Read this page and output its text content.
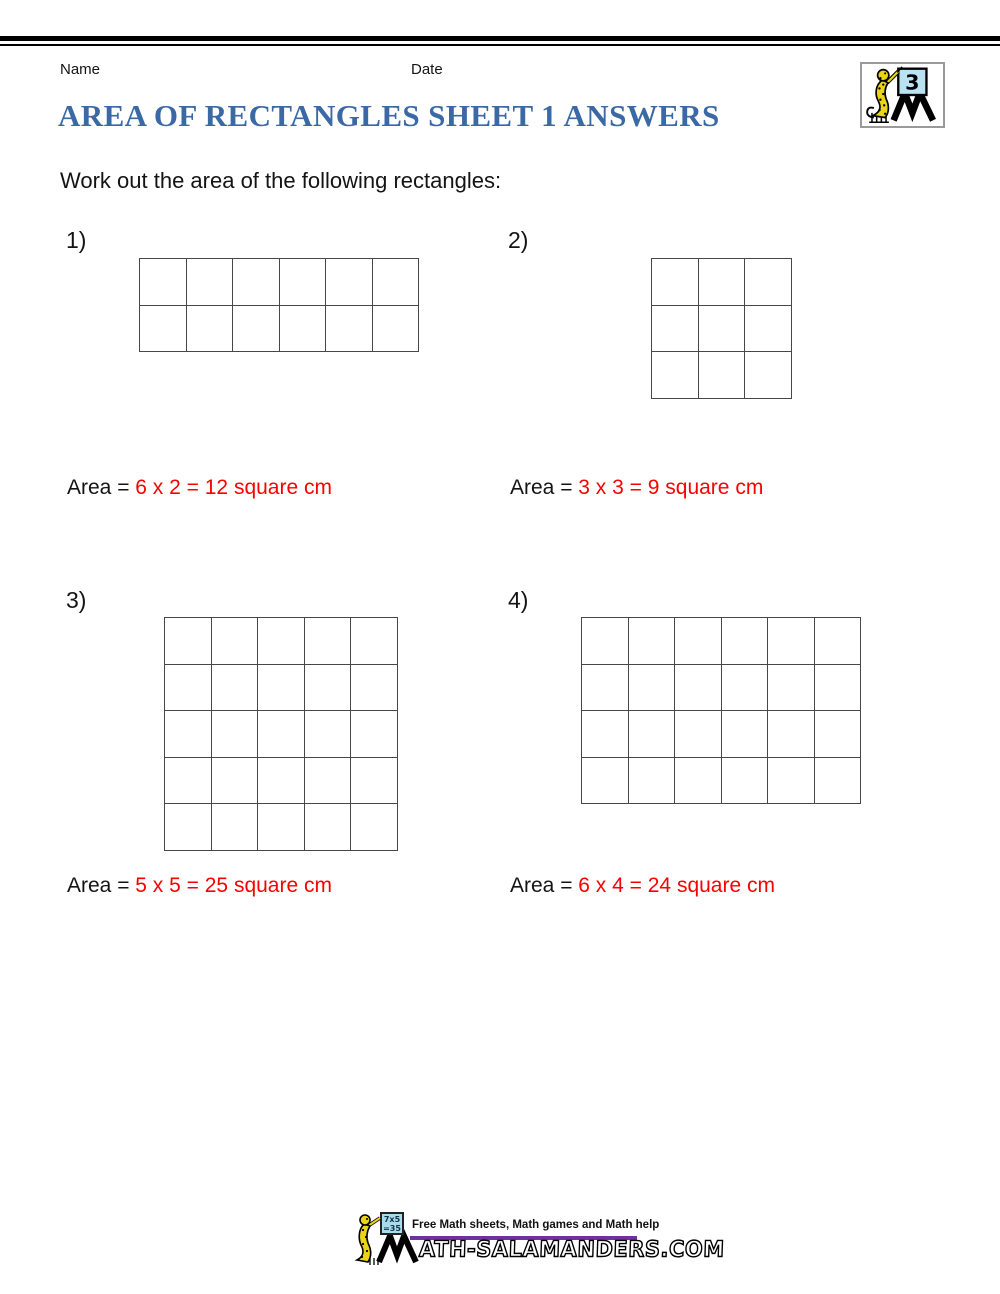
Name	Date
3
AREA OF RECTANGLES SHEET 1 ANSWERS
Work out the area of the following rectangles:
1)
Area = 6 x 2 = 12 square cm
2)
Area = 3 x 3 = 9 square cm
3)
Area = 5 x 5 = 25 square cm
4)
Area = 6 x 4 = 24 square cm
7x5
=35 Free Math sheets, Math games and Math help
ATH-SALAMANDERS.COM
